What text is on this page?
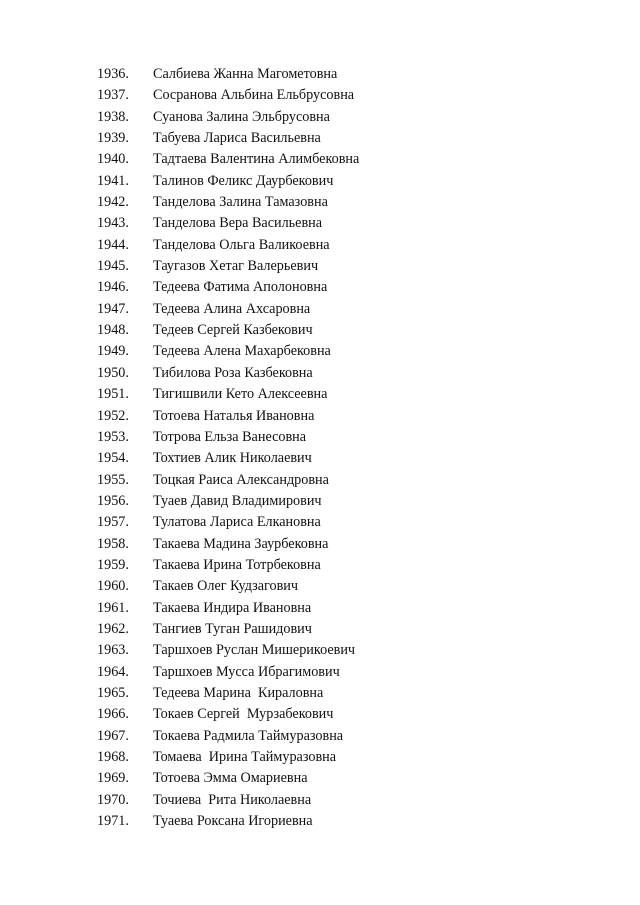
1936.	Салбиева Жанна Магометовна
1937.	Сосранова Альбина Ельбрусовна
1938.	Суанова Залина Эльбрусовна
1939.	Табуева Лариса Васильевна
1940.	Тадтаева Валентина Алимбековна
1941.	Талинов Феликс Даурбекович
1942.	Танделова Залина Тамазовна
1943.	Танделова Вера Васильевна
1944.	Танделова Ольга Валикоевна
1945.	Таугазов Хетаг Валерьевич
1946.	Тедеева Фатима Аполоновна
1947.	Тедеева Алина Ахсаровна
1948.	Тедеев Сергей Казбекович
1949.	Тедеева Алена Махарбековна
1950.	Тибилова Роза Казбековна
1951.	Тигишвили Кето Алексеевна
1952.	Тотоева Наталья Ивановна
1953.	Тотрова Ельза Ванесовна
1954.	Тохтиев Алик Николаевич
1955.	Тоцкая Раиса Александровна
1956.	Туаев Давид Владимирович
1957.	Тулатова Лариса Елкановна
1958.	Такаева Мадина Заурбековна
1959.	Такаева Ирина Тотрбековна
1960.	Такаев Олег Кудзагович
1961.	Такаева Индира Ивановна
1962.	Тангиев Туган Рашидович
1963.	Таршхоев Руслан Мишерикоевич
1964.	Таршхоев Мусса Ибрагимович
1965.	Тедеева Марина  Кираловна
1966.	Токаев Сергей  Мурзабекович
1967.	Токаева Радмила Таймуразовна
1968.	Томаева  Ирина Таймуразовна
1969.	Тотоева Эмма Омариевна
1970.	Точиева  Рита Николаевна
1971.	Туаева Роксана Игориевна
